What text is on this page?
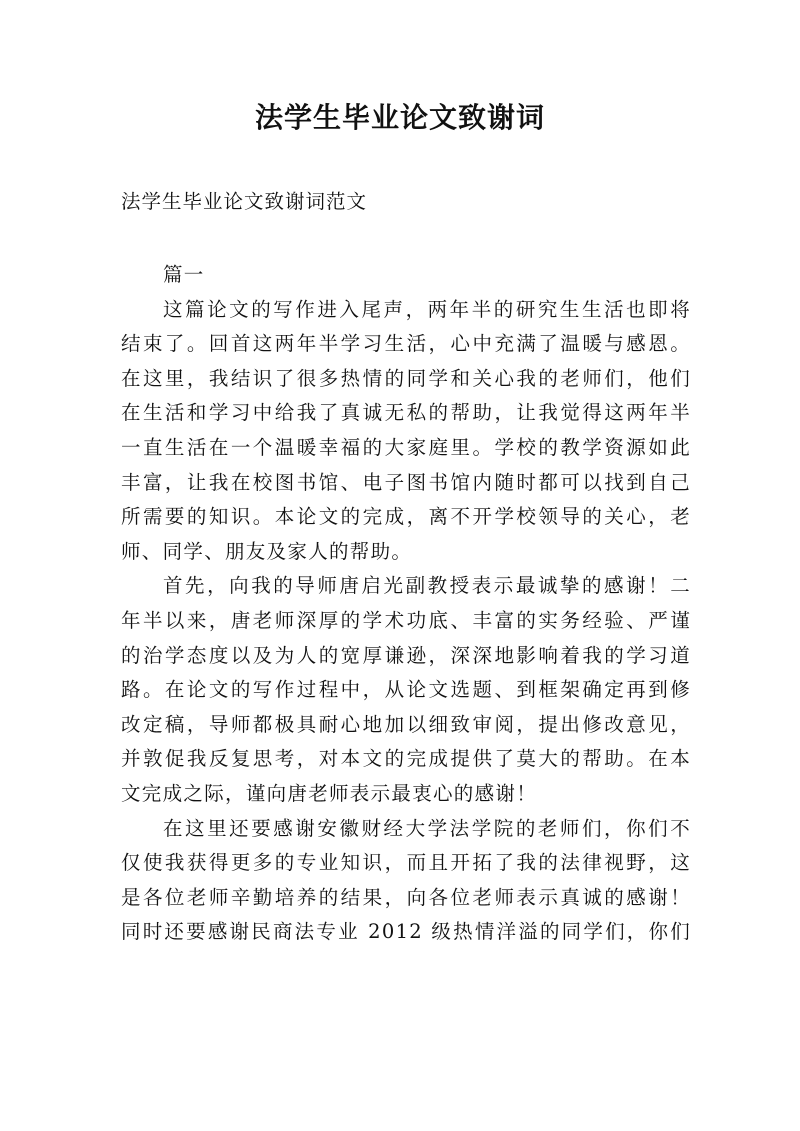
法学生毕业论文致谢词
法学生毕业论文致谢词范文
篇一
这篇论文的写作进入尾声，两年半的研究生生活也即将
结束了。回首这两年半学习生活，心中充满了温暖与感恩。
在这里，我结识了很多热情的同学和关心我的老师们，他们
在生活和学习中给我了真诚无私的帮助，让我觉得这两年半
一直生活在一个温暖幸福的大家庭里。学校的教学资源如此
丰富，让我在校图书馆、电子图书馆内随时都可以找到自己
所需要的知识。本论文的完成，离不开学校领导的关心，老
师、同学、朋友及家人的帮助。
首先，向我的导师唐启光副教授表示最诚挚的感谢！二
年半以来，唐老师深厚的学术功底、丰富的实务经验、严谨
的治学态度以及为人的宽厚谦逊，深深地影响着我的学习道
路。在论文的写作过程中，从论文选题、到框架确定再到修
改定稿，导师都极具耐心地加以细致审阅，提出修改意见，
并敦促我反复思考，对本文的完成提供了莫大的帮助。在本
文完成之际，谨向唐老师表示最衷心的感谢！
在这里还要感谢安徽财经大学法学院的老师们，你们不
仅使我获得更多的专业知识，而且开拓了我的法律视野，这
是各位老师辛勤培养的结果，向各位老师表示真诚的感谢！
同时还要感谢民商法专业 2012 级热情洋溢的同学们，你们
